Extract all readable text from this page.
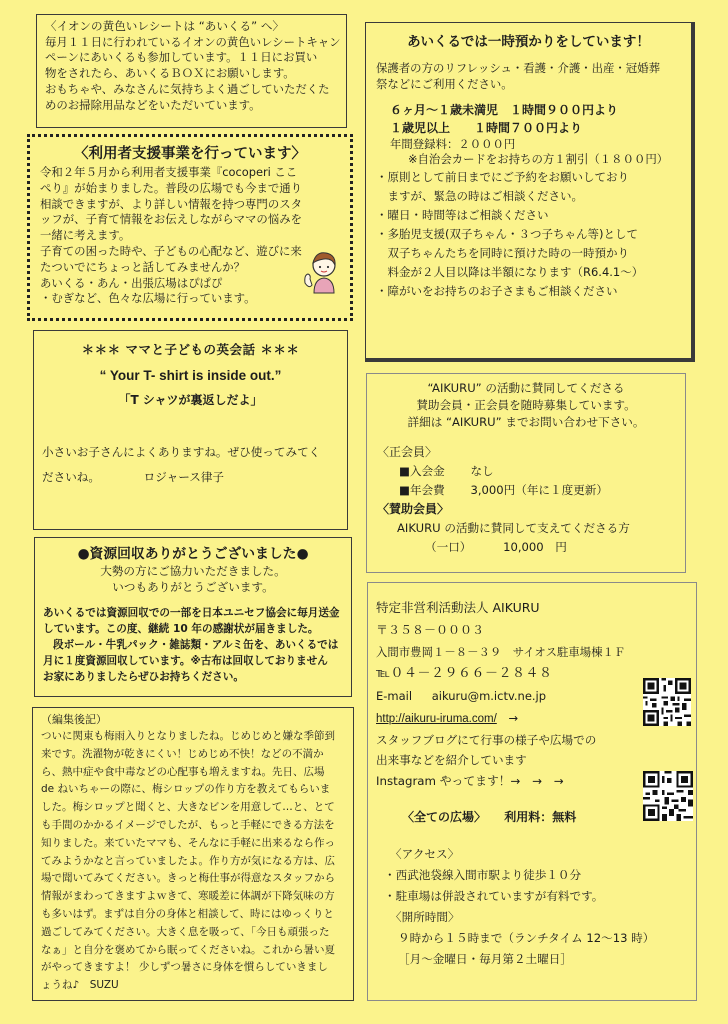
〈イオンの黄色いレシートは “あいくる” へ〉
毎月１１日に行われているイオンの黄色いレシートキャン
ペーンにあいくるも参加しています。１１日にお買い
物をされたら、あいくるＢＯＸにお願いします。
おもちゃや、みなさんに気持ちよく過ごしていただくた
めのお掃除用品などをいただいています。
〈利用者支援事業を行っています〉
令和２年５月から利用者支援事業『cocoperi ここ
ぺり』が始まりました。普段の広場でも今まで通り
相談できますが、より詳しい情報を持つ専門のスタ
ッフが、子育て情報をお伝えしながらママの悩みを
一緒に考えます。
子育ての困った時や、子どもの心配など、遊びに来
たついでにちょっと話してみませんか？
あいくる・あん・出張広場はぴぱぴ
・むぎなど、色々な広場に行っています。
＊＊＊ ママと子どもの英会話 ＊＊＊
“ Your T- shirt is inside out.”
「T シャツが裏返しだよ」
小さいお子さんによくありますね。ぜひ使ってみてく
ださいね。	ロジャース律子
●資源回収ありがとうございました●
大勢の方にご協力いただきました。
いつもありがとうございます。
あいくるでは資源回収での一部を日本ユニセフ協会に毎月送金
しています。この度、継続 10 年の感謝状が届きました。
段ボール・牛乳パック・雑誌類・アルミ缶を、あいくるでは
月に１度資源回収しています。※古布は回収しておりません
お家にありましたらぜひお持ちください。
（編集後記）
ついに関東も梅雨入りとなりましたね。じめじめと嫌な季節到
来です。洗濯物が乾きにくい！じめじめ不快！などの不満か
ら、熱中症や食中毒などの心配事も増えますね。先日、広場
de ねいちゃーの際に、梅シロップの作り方を教えてもらいま
した。梅シロップと聞くと、大きなビンを用意して…と、とて
も手間のかかるイメージでしたが、もっと手軽にできる方法を
知りました。来ていたママも、そんなに手軽に出来るなら作っ
てみようかなと言っていましたよ。作り方が気になる方は、広
場で聞いてみてください。きっと梅仕事が得意なスタッフから
情報がまわってきますよｗきて、寒暖差に体調が下降気味の方
も多いはず。まずは自分の身体と相談して、時にはゆっくりと
過ごしてみてください。大きく息を吸って、「今日も頑張った
なぁ」と自分を褒めてから眠ってくださいね。これから暑い夏
がやってきますよ！ 少しずつ暑さに身体を慣らしていきまし
ょうね♪　SUZU
あいくるでは一時預かりをしています！
保護者の方のリフレッシュ・看護・介護・出産・冠婚葬
祭などにご利用ください。
６ヶ月～１歳未満児　１時間９００円より
１歳児以上　　１時間７００円より
年間登録料：２０００円
※自治会カードをお持ちの方１割引（１８００円）
・原則として前日までにご予約をお願いしており
　ますが、緊急の時はご相談ください。
・曜日・時間等はご相談ください
・多胎児支援(双子ちゃん・３つ子ちゃん等)として
　双子ちゃんたちを同時に預けた時の一時預かり
　料金が２人目以降は半額になります（R6.4.1～）
・障がいをお持ちのお子さまもご相談ください
“AIKURU” の活動に賛同してくださる
賛助会員・正会員を随時募集しています。
詳細は “AIKURU” までお問い合わせ下さい。
〈正会員〉
■入会金 なし
■年会費 3,000円（年に１度更新）
〈賛助会員〉
AIKURU の活動に賛同して支えてくださる方
（一口）	10,000　円
特定非営利活動法人 AIKURU
〒３５８－０００３
入間市豊岡１－８－３９　サイオス駐車場棟１Ｆ
℡０４－２９６６－２８４８
E-mail aikuru@m.ictv.ne.jp
http://aikuru-iruma.com/ →
スタッフブログにて行事の様子や広場での
出来事などを紹介しています
Instagram やってます！→　→　→
〈全ての広場〉 利用料：無料
〈アクセス〉
・西武池袋線入間市駅より徒歩１０分
・駐車場は併設されていますが有料です。
〈開所時間〉
９時から１５時まで（ランチタイム 12～13 時）
［月～金曜日・毎月第２土曜日］
